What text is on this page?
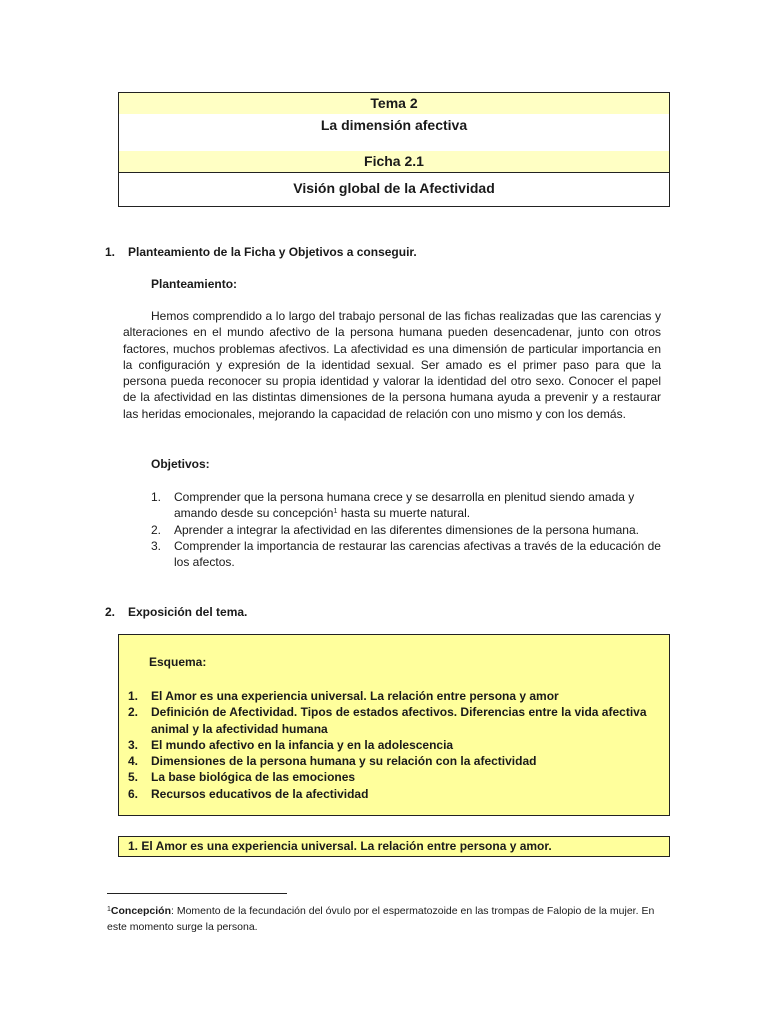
Tema 2
La dimensión afectiva
Ficha 2.1
Visión global de la Afectividad
1. Planteamiento de la Ficha y Objetivos a conseguir.
Planteamiento:
Hemos comprendido a lo largo del trabajo personal de las fichas realizadas que las carencias y alteraciones en el mundo afectivo de la persona humana pueden desencadenar, junto con otros factores, muchos problemas afectivos. La afectividad es una dimensión de particular importancia en la configuración y expresión de la identidad sexual. Ser amado es el primer paso para que la persona pueda reconocer su propia identidad y valorar la identidad del otro sexo. Conocer el papel de la afectividad en las distintas dimensiones de la persona humana ayuda a prevenir y a restaurar las heridas emocionales, mejorando la capacidad de relación con uno mismo y con los demás.
Objetivos:
1. Comprender que la persona humana crece y se desarrolla en plenitud siendo amada y amando desde su concepción$^1$ hasta su muerte natural.
2. Aprender a integrar la afectividad en las diferentes dimensiones de la persona humana.
3. Comprender la importancia de restaurar las carencias afectivas a través de la educación de los afectos.
2. Exposición del tema.
Esquema:
1. El Amor es una experiencia universal. La relación entre persona y amor
2. Definición de Afectividad. Tipos de estados afectivos. Diferencias entre la vida afectiva animal y la afectividad humana
3. El mundo afectivo en la infancia y en la adolescencia
4. Dimensiones de la persona humana y su relación con la afectividad
5. La base biológica de las emociones
6. Recursos educativos de la afectividad
1. El Amor es una experiencia universal. La relación entre persona y amor.
$^1$Concepción: Momento de la fecundación del óvulo por el espermatozoide en las trompas de Falopio de la mujer. En este momento surge la persona.
